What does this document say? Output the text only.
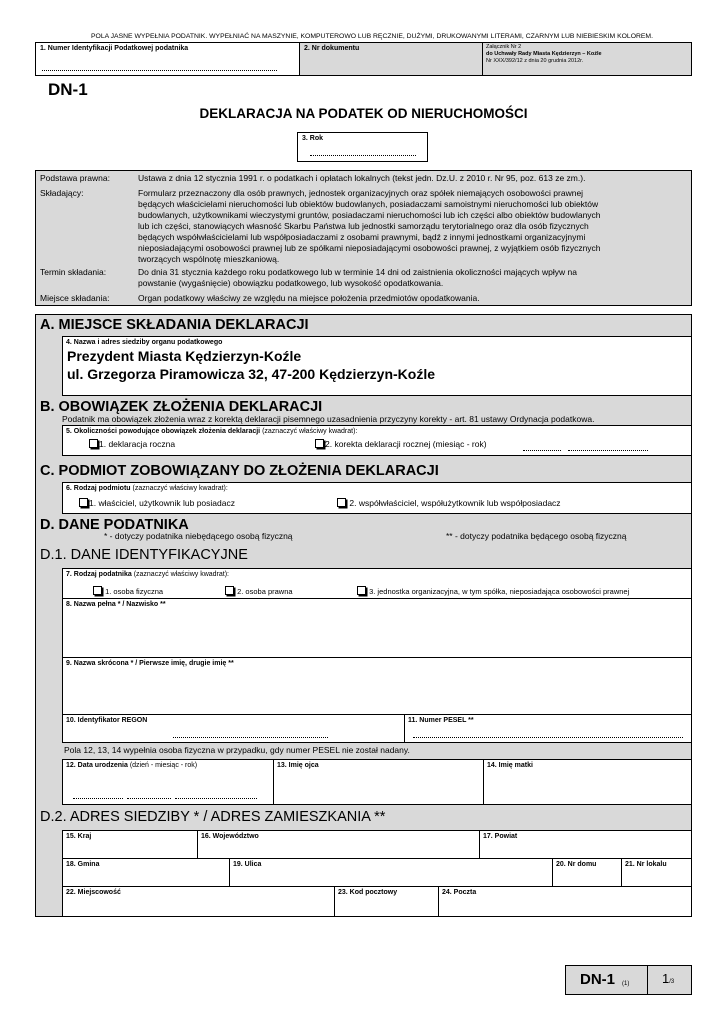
POLA JASNE WYPEŁNIA PODATNIK. WYPEŁNIAĆ NA MASZYNIE, KOMPUTEROWO LUB RĘCZNIE, DUŻYMI, DRUKOWANYMI LITERAMI, CZARNYM LUB NIEBIESKIM KOLOREM.
1. Numer Identyfikacji Podatkowej podatnika	2. Nr dokumentu	Załącznik Nr 2
do Uchwały Rady Miasta Kędzierzyn – Koźle
Nr XXX/392/12 z dnia 20 grudnia 2012r.
DN-1
DEKLARACJA NA PODATEK OD NIERUCHOMOŚCI
3. Rok
Podstawa prawna:	Ustawa z dnia 12 stycznia 1991 r. o podatkach i opłatach lokalnych (tekst jedn. Dz.U. z 2010 r. Nr 95, poz. 613 ze zm.).
Składający:	Formularz przeznaczony dla osób prawnych, jednostek organizacyjnych oraz spółek niemających osobowości prawnej
będących właścicielami nieruchomości lub obiektów budowlanych, posiadaczami samoistnymi nieruchomości lub obiektów
budowlanych, użytkownikami wieczystymi gruntów, posiadaczami nieruchomości lub ich części albo obiektów budowlanych
lub ich części, stanowiących własność Skarbu Państwa lub jednostki samorządu terytorialnego oraz dla osób fizycznych
będących współwłaścicielami lub współposiadaczami z osobami prawnymi, bądź z innymi jednostkami organizacyjnymi
nieposiadającymi osobowości prawnej lub ze spółkami nieposiadającymi osobowości prawnej, z wyjątkiem osób fizycznych
tworzących wspólnotę mieszkaniową.
Termin składania:	Do dnia 31 stycznia każdego roku podatkowego lub w terminie 14 dni od zaistnienia okoliczności mających wpływ na
powstanie (wygaśnięcie) obowiązku podatkowego, lub wysokość opodatkowania.
Miejsce składania:	Organ podatkowy właściwy ze względu na miejsce położenia przedmiotów opodatkowania.
A. MIEJSCE SKŁADANIA DEKLARACJI
4. Nazwa i adres siedziby organu podatkowego
Prezydent Miasta Kędzierzyn-Koźle
ul. Grzegorza Piramowicza 32, 47-200 Kędzierzyn-Koźle
B. OBOWIĄZEK ZŁOŻENIA DEKLARACJI
Podatnik ma obowiązek złożenia wraz z korektą deklaracji pisemnego uzasadnienia przyczyny korekty - art. 81 ustawy Ordynacja podatkowa.
5. Okoliczności powodujące obowiązek złożenia deklaracji (zaznaczyć właściwy kwadrat):
1. deklaracja roczna	2. korekta deklaracji rocznej (miesiąc - rok)
C. PODMIOT ZOBOWIĄZANY DO ZŁOŻENIA DEKLARACJI
6. Rodzaj podmiotu (zaznaczyć właściwy kwadrat):
1. właściciel, użytkownik lub posiadacz	2. współwłaściciel, współużytkownik lub współposiadacz
D. DANE PODATNIKA
* - dotyczy podatnika niebędącego osobą fizyczną	** - dotyczy podatnika będącego osobą fizyczną
D.1. DANE IDENTYFIKACYJNE
7. Rodzaj podatnika (zaznaczyć właściwy kwadrat):
1. osoba fizyczna	2. osoba prawna	3. jednostka organizacyjna, w tym spółka, nieposiadająca osobowości prawnej
8. Nazwa pełna * / Nazwisko **
9. Nazwa skrócona * / Pierwsze imię, drugie imię **
10. Identyfikator REGON	11. Numer PESEL **
Pola 12, 13, 14 wypełnia osoba fizyczna w przypadku, gdy numer PESEL nie został nadany.
12. Data urodzenia (dzień - miesiąc - rok)	13. Imię ojca	14. Imię matki
D.2. ADRES SIEDZIBY * / ADRES ZAMIESZKANIA **
15. Kraj	16. Województwo	17. Powiat
18. Gmina	19. Ulica	20. Nr domu	21. Nr lokalu
22. Miejscowość	23. Kod pocztowy	24. Poczta
DN-1 (1)	1/3
